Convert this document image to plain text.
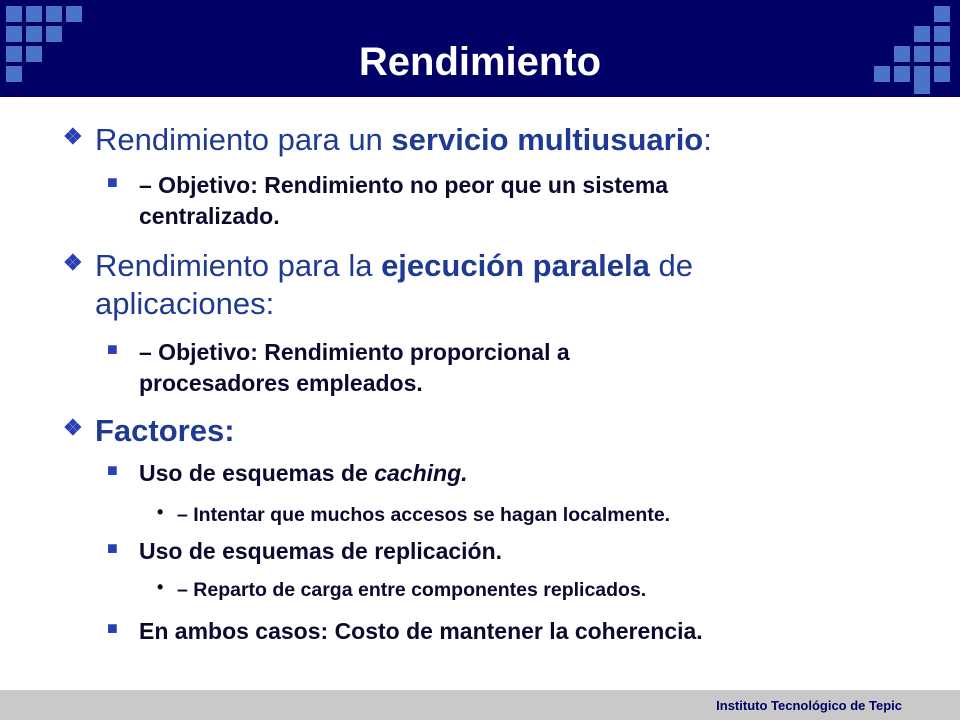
Rendimiento
❖ Rendimiento para un servicio multiusuario:
■ – Objetivo: Rendimiento no peor que un sistema
centralizado.
❖ Rendimiento para la ejecución paralela de
aplicaciones:
■ – Objetivo: Rendimiento proporcional a
procesadores empleados.
❖ Factores:
■ Uso de esquemas de caching.
• – Intentar que muchos accesos se hagan localmente.
■ Uso de esquemas de replicación.
• – Reparto de carga entre componentes replicados.
■ En ambos casos: Costo de mantener la coherencia.
Instituto Tecnológico de Tepic
